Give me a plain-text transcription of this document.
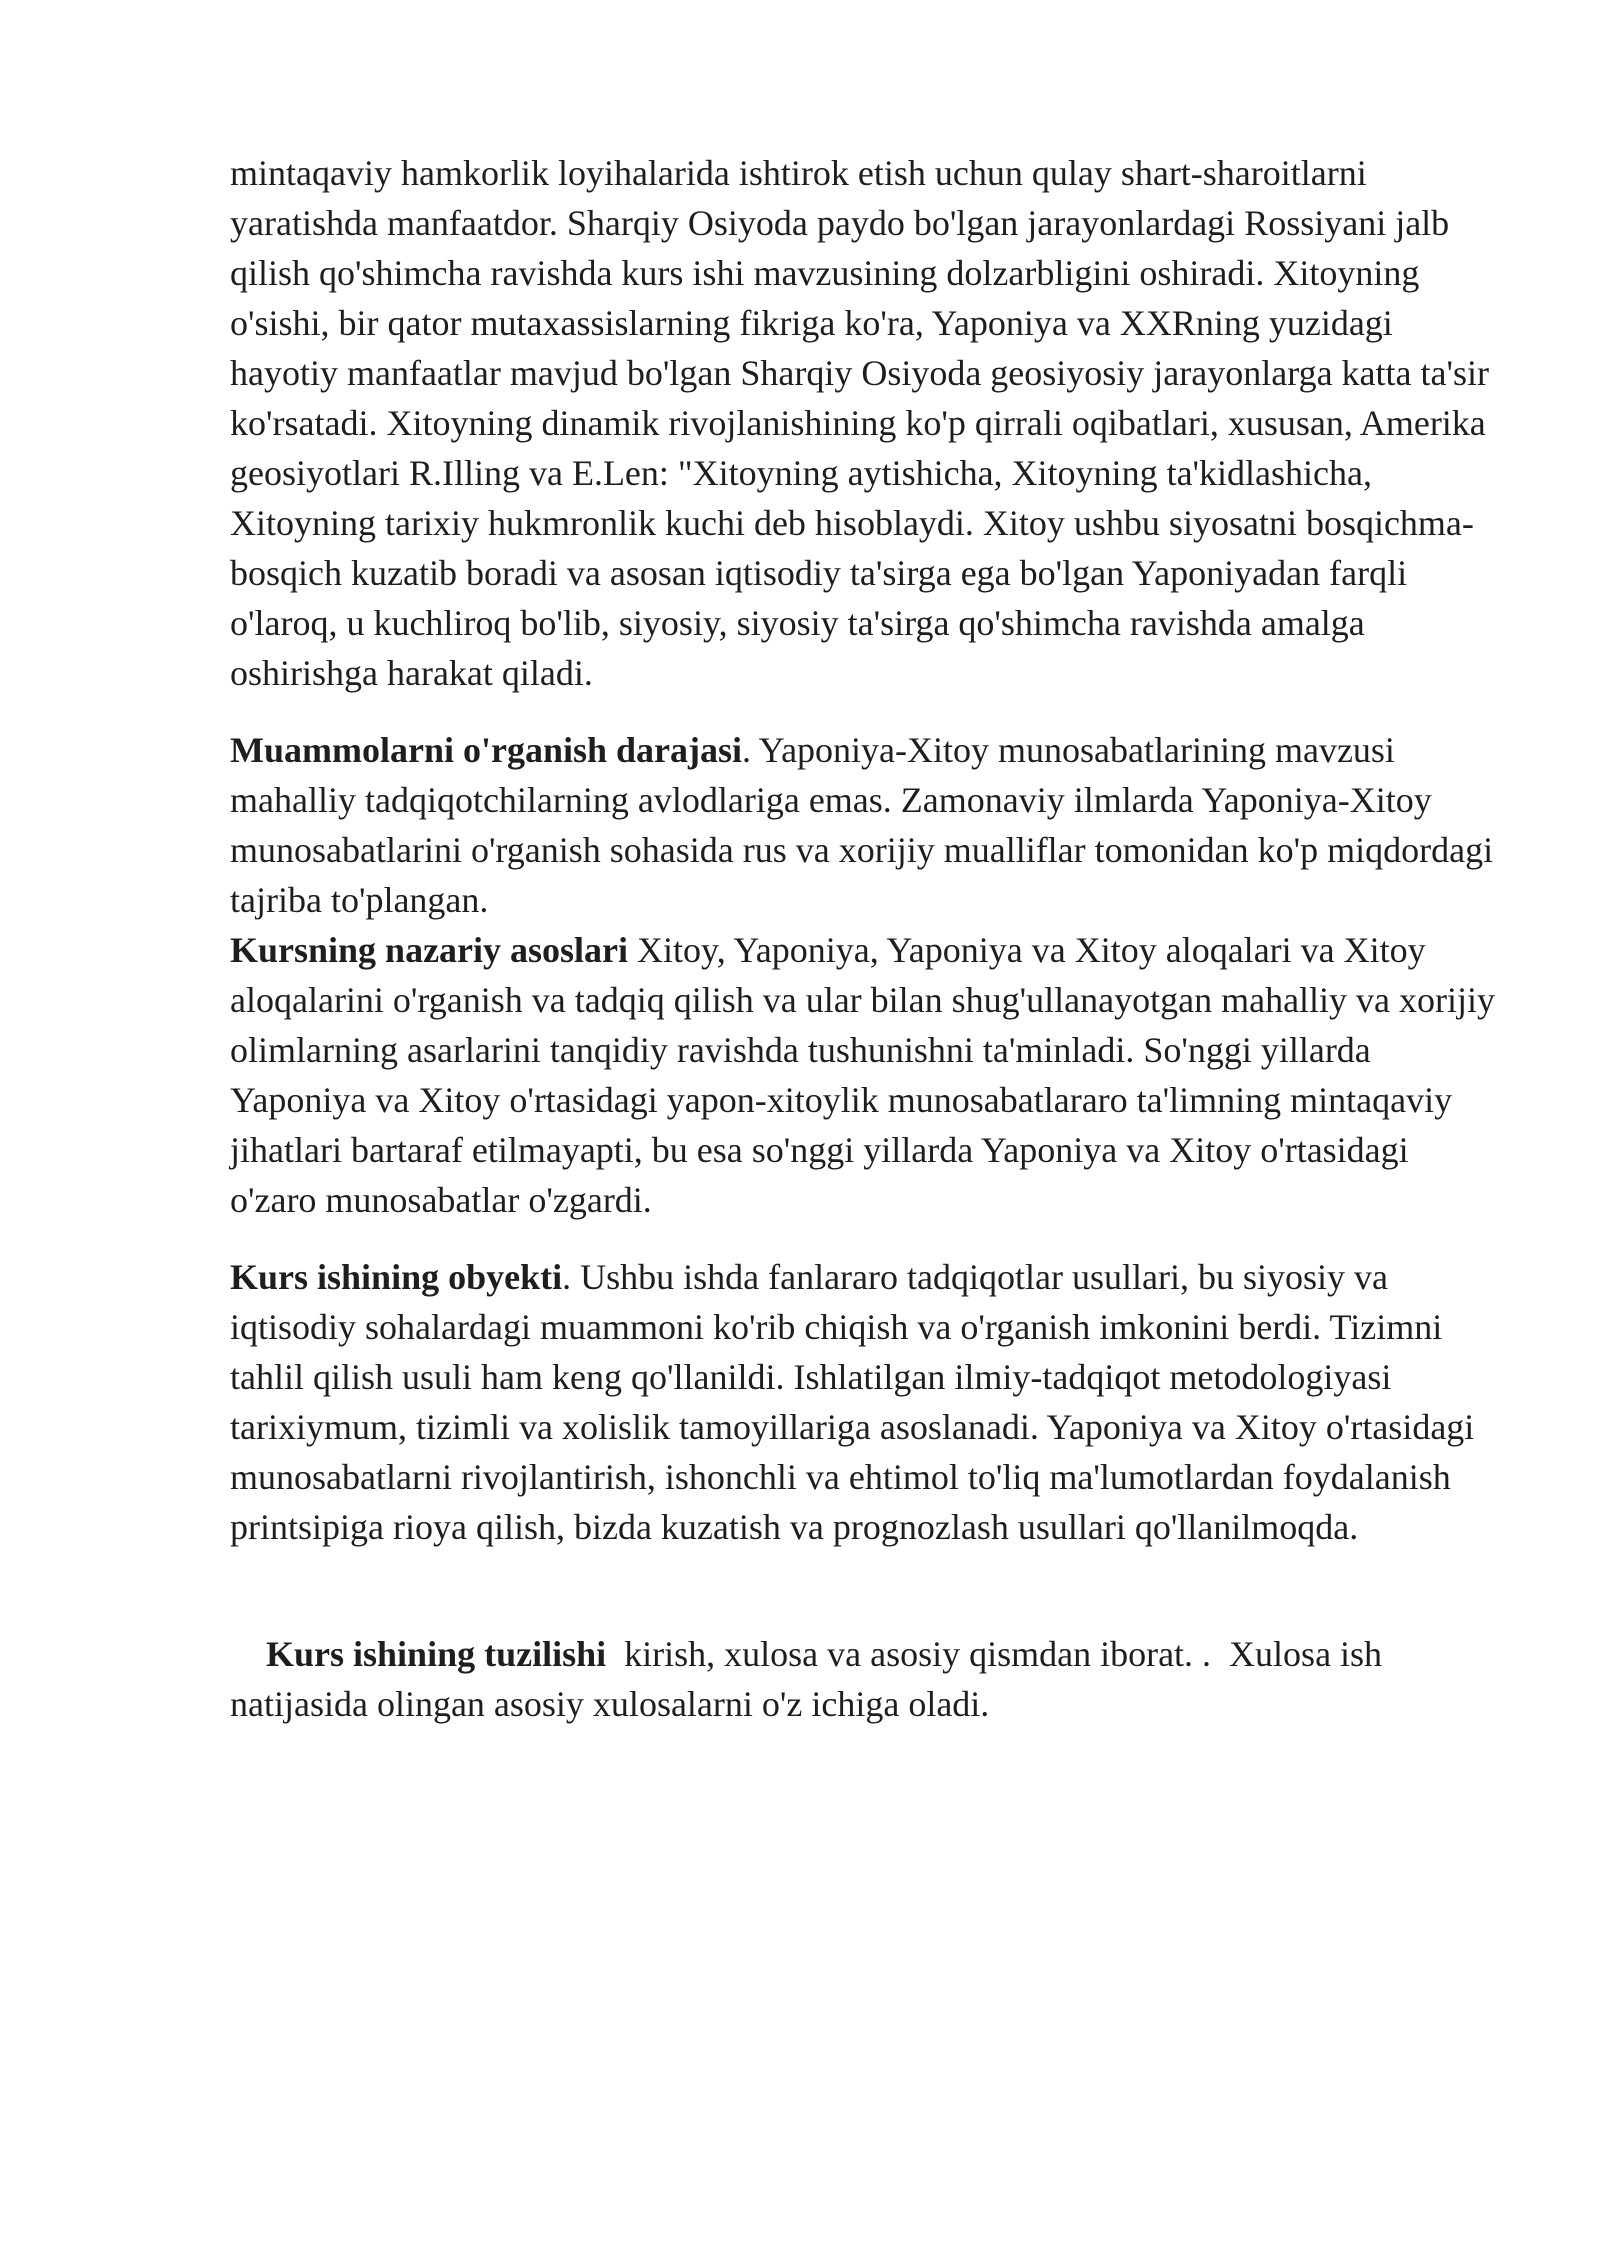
mintaqaviy hamkorlik loyihalarida ishtirok etish uchun qulay shart-sharoitlarni yaratishda manfaatdor. Sharqiy Osiyoda paydo bo'lgan jarayonlardagi Rossiyani jalb qilish qo'shimcha ravishda kurs ishi mavzusining dolzarbligini oshiradi. Xitoyning o'sishi, bir qator mutaxassislarning fikriga ko'ra, Yaponiya va XXRning yuzidagi hayotiy manfaatlar mavjud bo'lgan Sharqiy Osiyoda geosiyosiy jarayonlarga katta ta'sir ko'rsatadi. Xitoyning dinamik rivojlanishining ko'p qirrali oqibatlari, xususan, Amerika geosiyotlari R.Illing va E.Len: "Xitoyning aytishicha, Xitoyning ta'kidlashicha, Xitoyning tarixiy hukmronlik kuchi deb hisoblaydi. Xitoy ushbu siyosatni bosqichma-bosqich kuzatib boradi va asosan iqtisodiy ta'sirga ega bo'lgan Yaponiyadan farqli o'laroq, u kuchliroq bo'lib, siyosiy, siyosiy ta'sirga qo'shimcha ravishda amalga oshirishga harakat qiladi.

Muammolarni o'rganish darajasi. Yaponiya-Xitoy munosabatlarining mavzusi mahalliy tadqiqotchilarning avlodlariga emas. Zamonaviy ilmlarda Yaponiya-Xitoy munosabatlarini o'rganish sohasida rus va xorijiy mualliflar tomonidan ko'p miqdordagi tajriba to'plangan.

Kursning nazariy asoslari Xitoy, Yaponiya, Yaponiya va Xitoy aloqalari va Xitoy aloqalarini o'rganish va tadqiq qilish va ular bilan shug'ullanayotgan mahalliy va xorijiy olimlarning asarlarini tanqidiy ravishda tushunishni ta'minladi. So'nggi yillarda Yaponiya va Xitoy o'rtasidagi yapon-xitoylik munosabatlararo ta'limning mintaqaviy jihatlari bartaraf etilmayapti, bu esa so'nggi yillarda Yaponiya va Xitoy o'rtasidagi o'zaro munosabatlar o'zgardi.

Kurs ishining obyekti. Ushbu ishda fanlararo tadqiqotlar usullari, bu siyosiy va iqtisodiy sohalardagi muammoni ko'rib chiqish va o'rganish imkonini berdi. Tizimni tahlil qilish usuli ham keng qo'llanildi. Ishlatilgan ilmiy-tadqiqot metodologiyasi tarixiymum, tizimli va xolislik tamoyillariga asoslanadi. Yaponiya va Xitoy o'rtasidagi munosabatlarni rivojlantirish, ishonchli va ehtimol to'liq ma'lumotlardan foydalanish printsipiga rioya qilish, bizda kuzatish va prognozlash usullari qo'llanilmoqda.

Kurs ishining tuzilishi  kirish, xulosa va asosiy qismdan iborat. .  Xulosa ish natijasida olingan asosiy xulosalarni o'z ichiga oladi.
